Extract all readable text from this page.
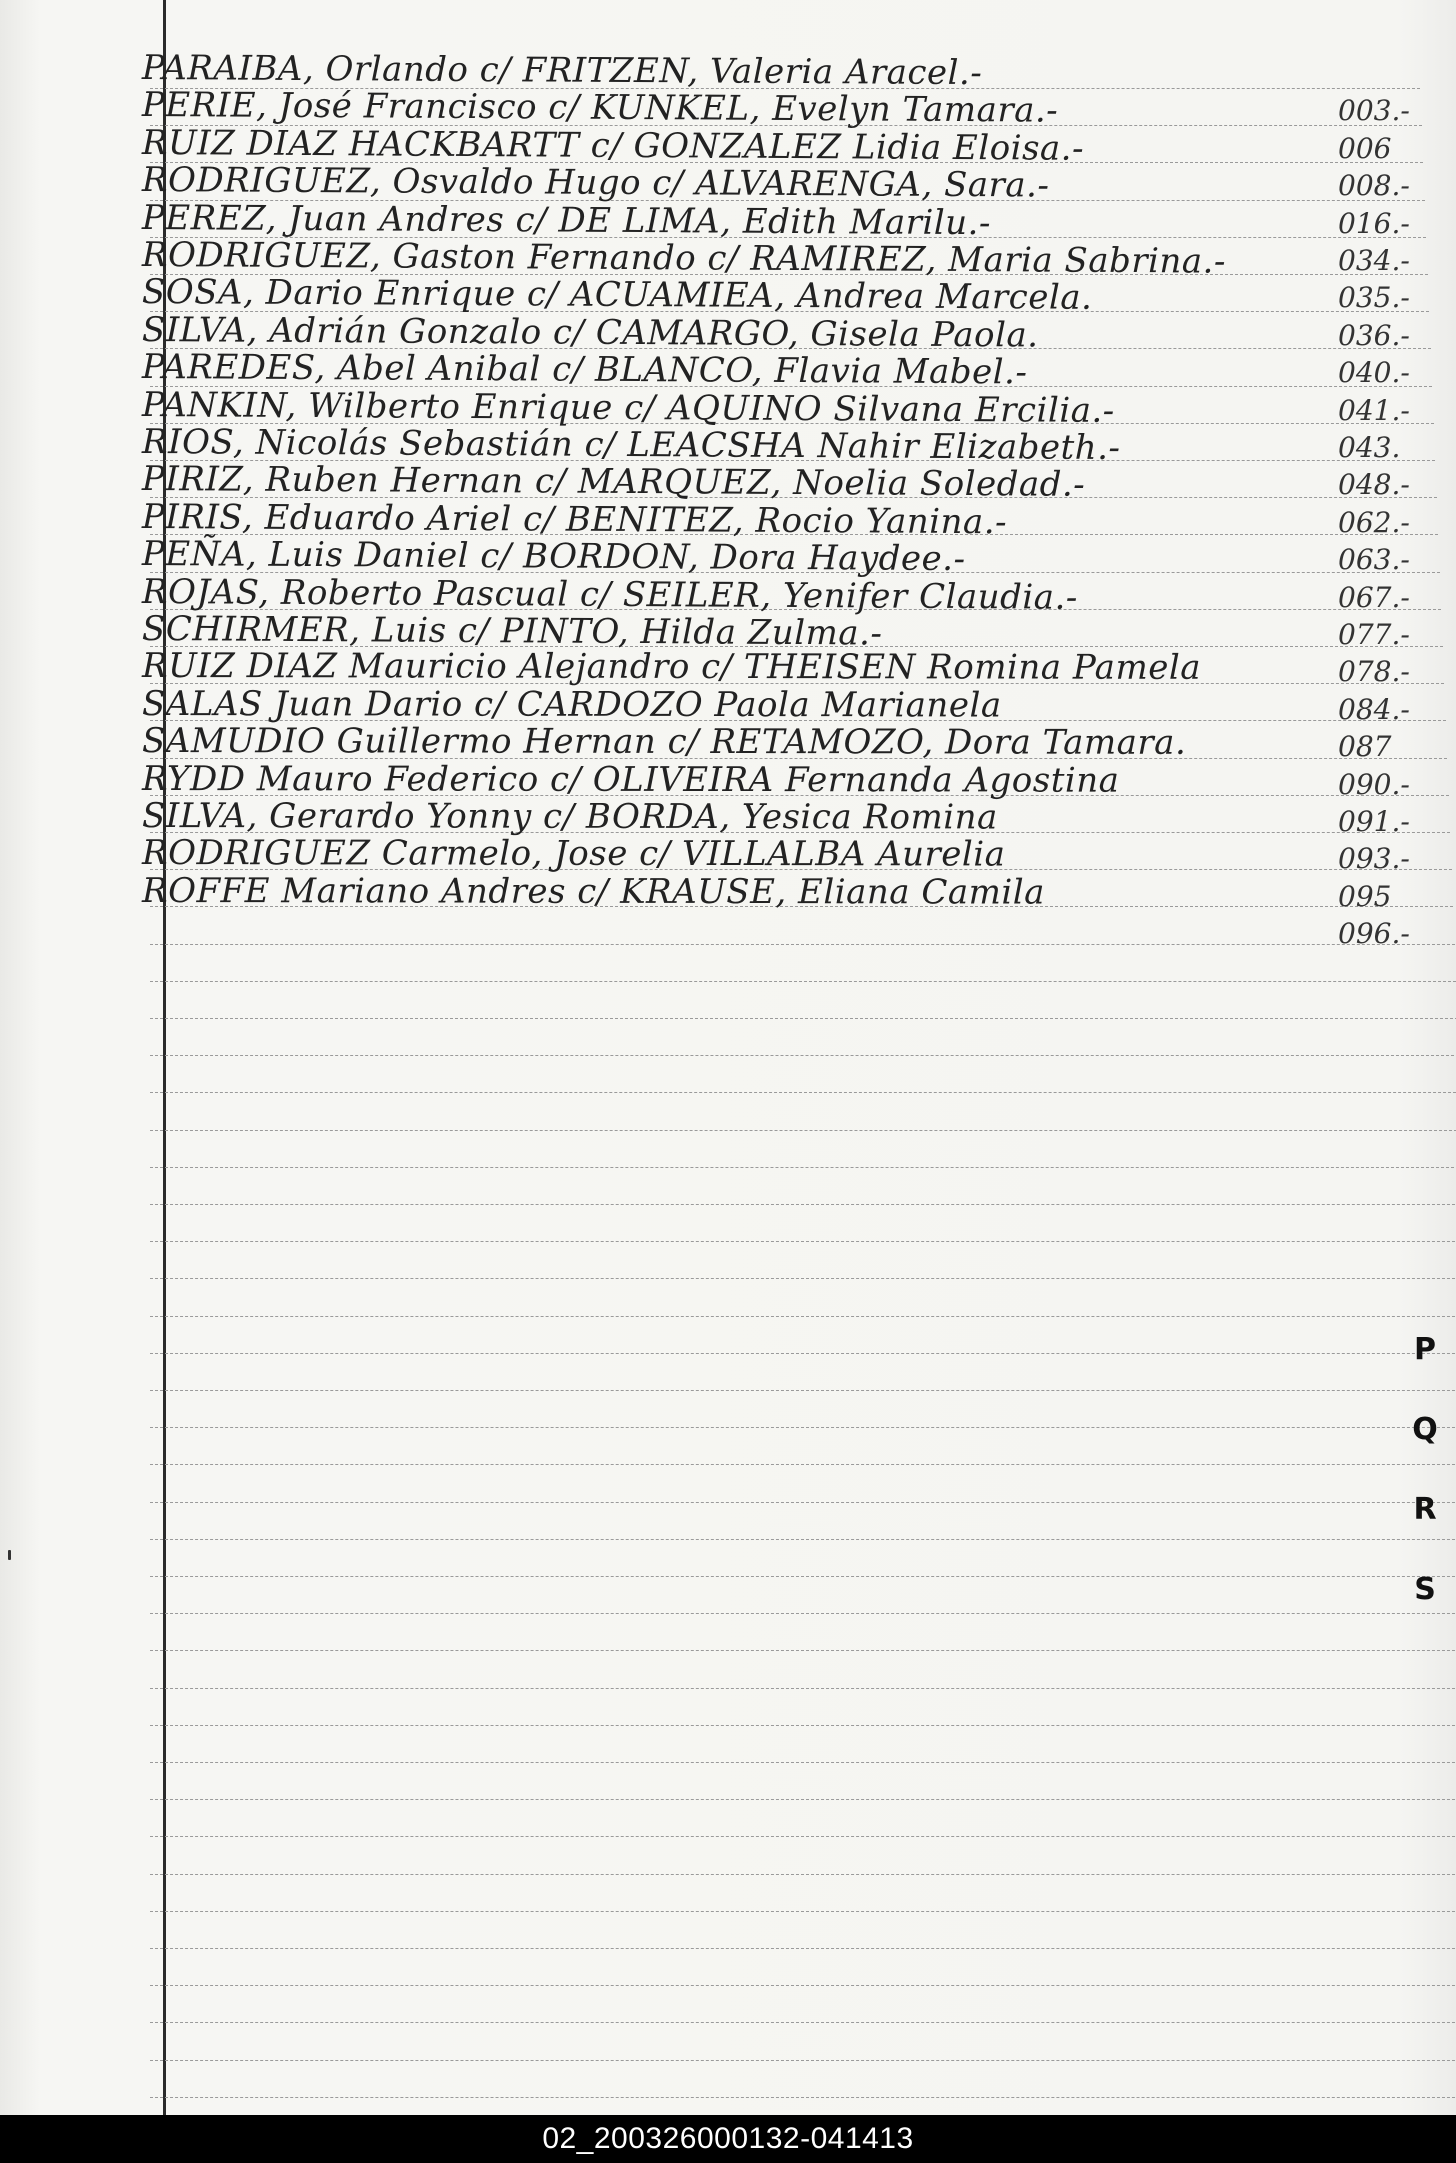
PARAIBA, Orlando c/ FRITZEN, Valeria Aracel.-
PERIE, José Francisco c/ KUNKEL, Evelyn Tamara.-	003.-
RUIZ DIAZ HACKBARTT c/ GONZALEZ Lidia Eloisa.-	006
RODRIGUEZ, Osvaldo Hugo c/ ALVARENGA, Sara.-	008.-
PEREZ, Juan Andres c/ DE LIMA, Edith Marilu.-	016.-
RODRIGUEZ, Gaston Fernando c/ RAMIREZ, Maria Sabrina.-	034.-
SOSA, Dario Enrique c/ ACUAMIEA, Andrea Marcela.	035.-
SILVA, Adrián Gonzalo c/ CAMARGO, Gisela Paola.	036.-
PAREDES, Abel Anibal c/ BLANCO, Flavia Mabel.-	040.-
PANKIN, Wilberto Enrique c/ AQUINO Silvana Ercilia.-	041.-
RIOS, Nicolás Sebastián c/ LEACSHA Nahir Elizabeth.-	043.
PIRIZ, Ruben Hernan c/ MARQUEZ, Noelia Soledad.-	048.-
PIRIS, Eduardo Ariel c/ BENITEZ, Rocio Yanina.-	062.-
PEÑA, Luis Daniel c/ BORDON, Dora Haydee.-	063.-
ROJAS, Roberto Pascual c/ SEILER, Yenifer Claudia.-	067.-
SCHIRMER, Luis c/ PINTO, Hilda Zulma.-	077.-
RUIZ DIAZ Mauricio Alejandro c/ THEISEN Romina Pamela	078.-
SALAS Juan Dario c/ CARDOZO Paola Marianela	084.-
SAMUDIO Guillermo Hernan c/ RETAMOZO, Dora Tamara.	087
RYDD Mauro Federico c/ OLIVEIRA Fernanda Agostina	090.-
SILVA, Gerardo Yonny c/ BORDA, Yesica Romina	091.-
RODRIGUEZ Carmelo, Jose c/ VILLALBA Aurelia	093.-
ROFFE Mariano Andres c/ KRAUSE, Eliana Camila	095
096.-
P
Q
R
S
02_200326000132-041413
